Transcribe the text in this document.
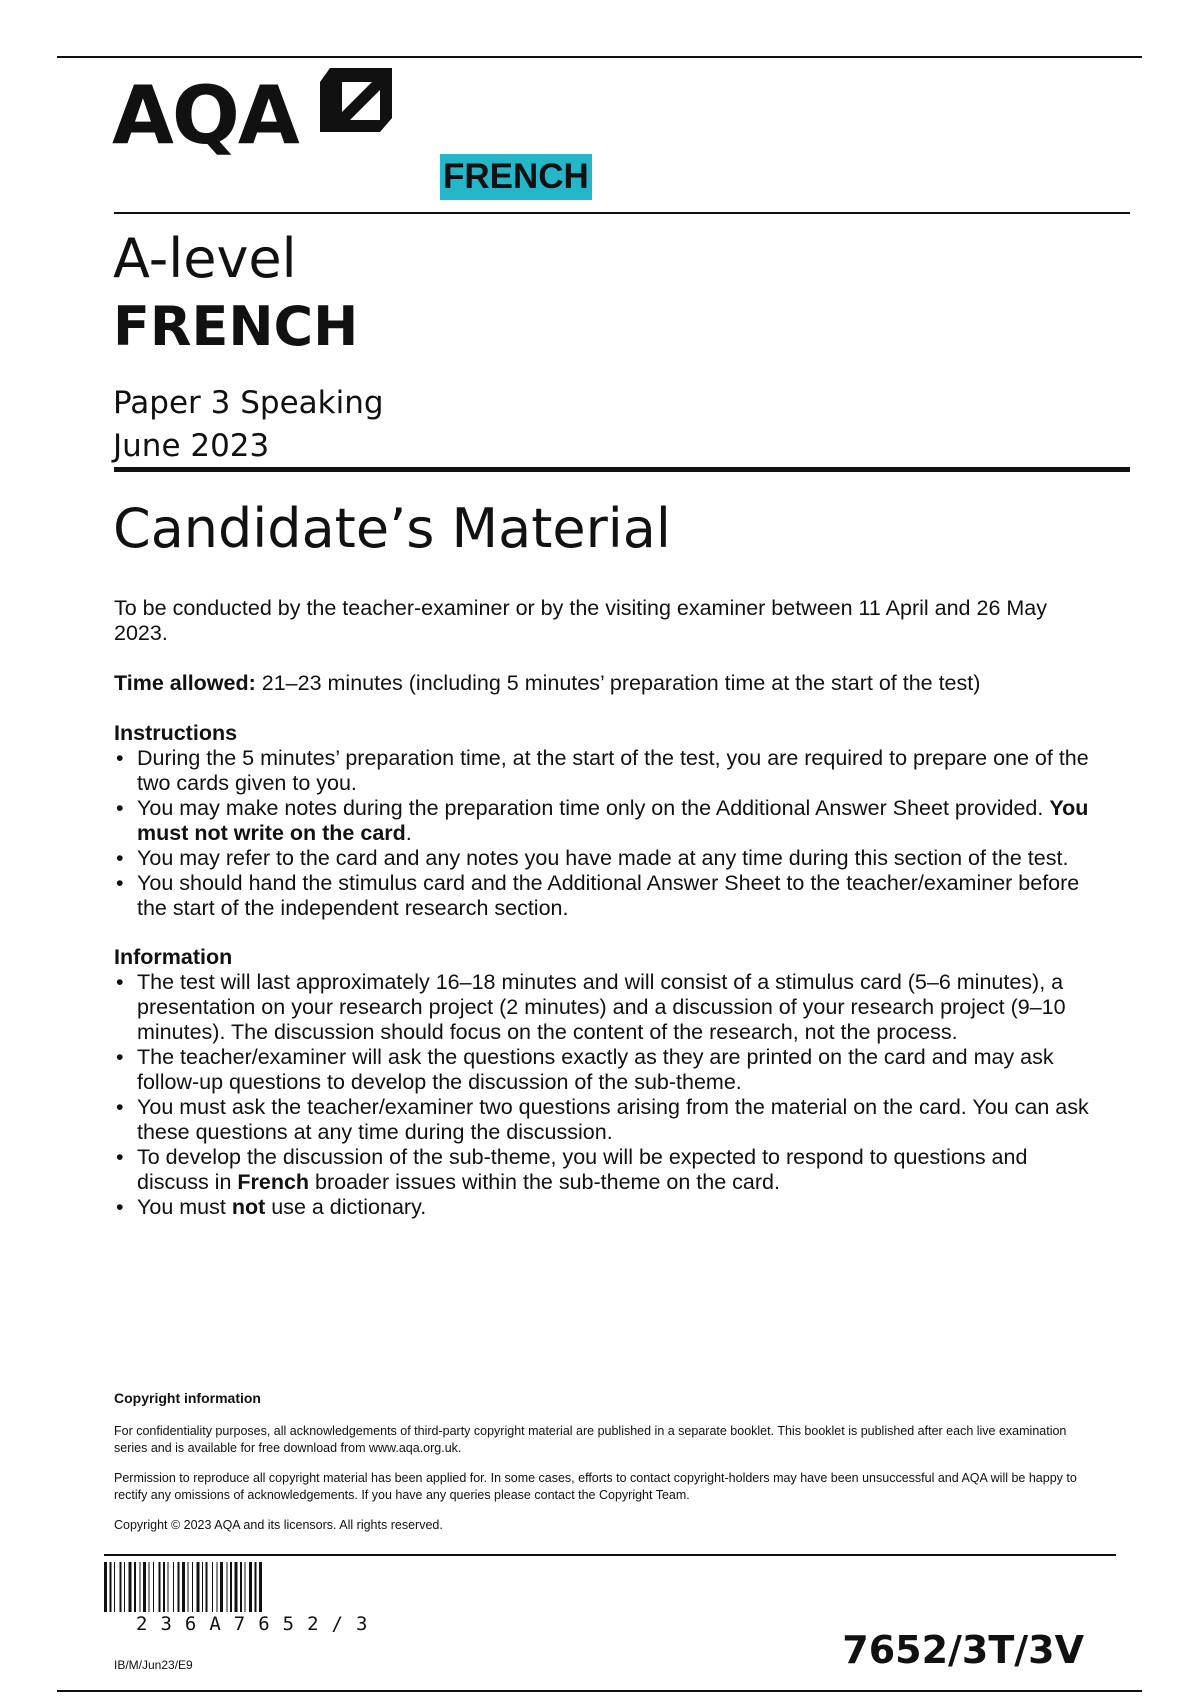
AQA
FRENCH
A-level
FRENCH
Paper 3 Speaking
June 2023
Candidate’s Material

To be conducted by the teacher-examiner or by the visiting examiner between 11 April and 26 May 2023.

Time allowed: 21–23 minutes (including 5 minutes’ preparation time at the start of the test)

Instructions
• During the 5 minutes’ preparation time, at the start of the test, you are required to prepare one of the two cards given to you.
• You may make notes during the preparation time only on the Additional Answer Sheet provided. You must not write on the card.
• You may refer to the card and any notes you have made at any time during this section of the test.
• You should hand the stimulus card and the Additional Answer Sheet to the teacher/examiner before the start of the independent research section.
Information
• The test will last approximately 16–18 minutes and will consist of a stimulus card (5–6 minutes), a presentation on your research project (2 minutes) and a discussion of your research project (9–10 minutes). The discussion should focus on the content of the research, not the process.
• The teacher/examiner will ask the questions exactly as they are printed on the card and may ask follow-up questions to develop the discussion of the sub-theme.
• You must ask the teacher/examiner two questions arising from the material on the card. You can ask these questions at any time during the discussion.
• To develop the discussion of the sub-theme, you will be expected to respond to questions and discuss in French broader issues within the sub-theme on the card.
• You must not use a dictionary.
Copyright information

For confidentiality purposes, all acknowledgements of third-party copyright material are published in a separate booklet. This booklet is published after each live examination series and is available for free download from www.aqa.org.uk.

Permission to reproduce all copyright material has been applied for. In some cases, efforts to contact copyright-holders may have been unsuccessful and AQA will be happy to rectify any omissions of acknowledgements. If you have any queries please contact the Copyright Team.

Copyright © 2023 AQA and its licensors. All rights reserved.

236A7652/3
IB/M/Jun23/E9	7652/3T/3V
